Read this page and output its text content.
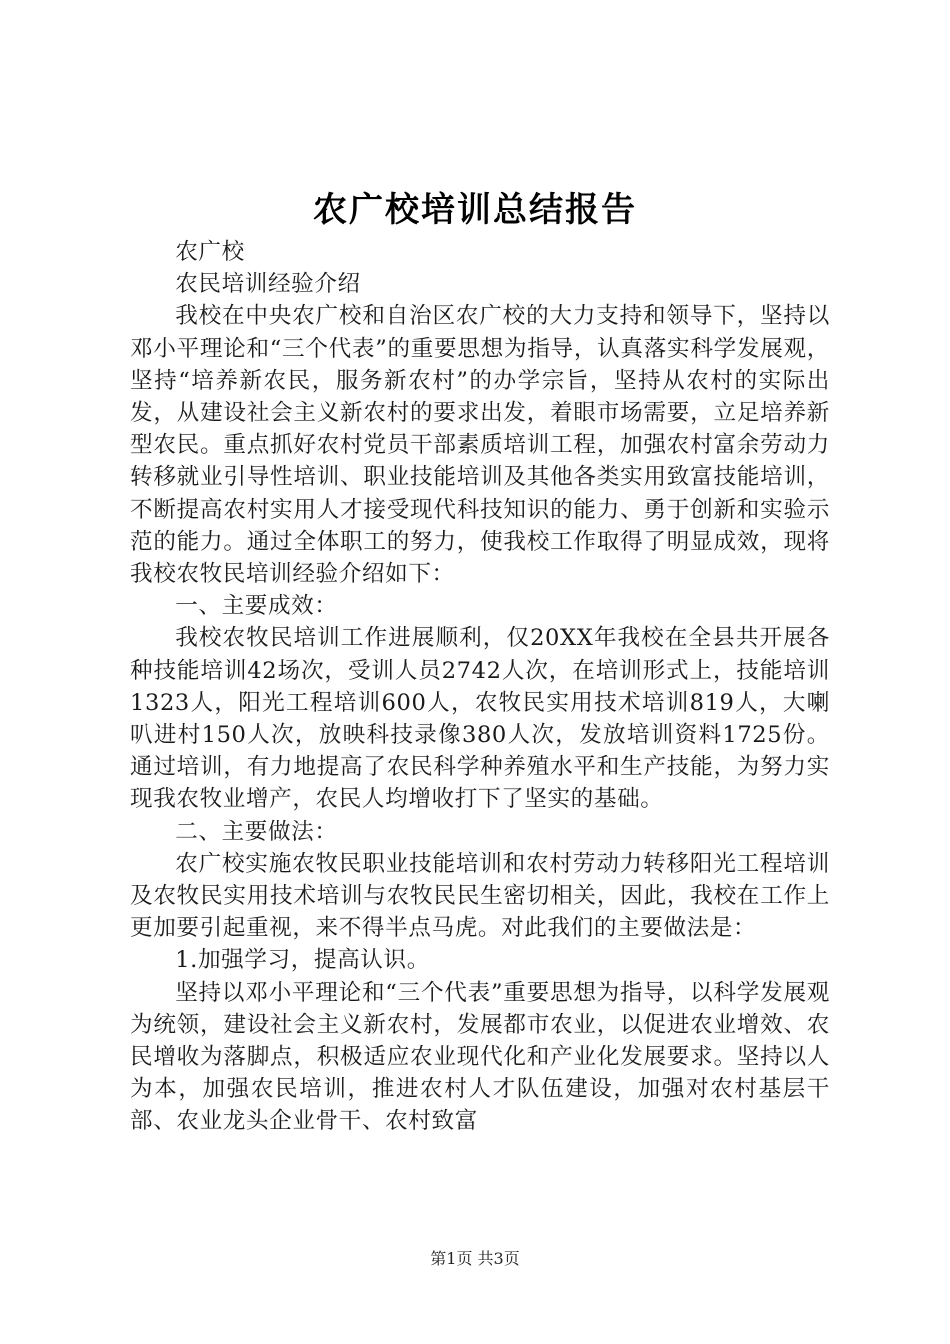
农广校培训总结报告

农广校

农民培训经验介绍

我校在中央农广校和自治区农广校的大力支持和领导下，坚持以邓小平理论和“三个代表”的重要思想为指导，认真落实科学发展观，坚持“培养新农民，服务新农村”的办学宗旨，坚持从农村的实际出发，从建设社会主义新农村的要求出发，着眼市场需要，立足培养新型农民。重点抓好农村党员干部素质培训工程，加强农村富余劳动力转移就业引导性培训、职业技能培训及其他各类实用致富技能培训，不断提高农村实用人才接受现代科技知识的能力、勇于创新和实验示范的能力。通过全体职工的努力，使我校工作取得了明显成效，现将我校农牧民培训经验介绍如下：

一、主要成效：

我校农牧民培训工作进展顺利，仅20XX年我校在全县共开展各种技能培训42场次，受训人员2742人次，在培训形式上，技能培训1323人，阳光工程培训600人，农牧民实用技术培训819人，大喇叭进村150人次，放映科技录像380人次，发放培训资料1725份。通过培训，有力地提高了农民科学种养殖水平和生产技能，为努力实现我农牧业增产，农民人均增收打下了坚实的基础。

二、主要做法：

农广校实施农牧民职业技能培训和农村劳动力转移阳光工程培训及农牧民实用技术培训与农牧民民生密切相关，因此，我校在工作上更加要引起重视，来不得半点马虎。对此我们的主要做法是：

1.加强学习，提高认识。

坚持以邓小平理论和“三个代表”重要思想为指导，以科学发展观为统领，建设社会主义新农村，发展都市农业，以促进农业增效、农民增收为落脚点，积极适应农业现代化和产业化发展要求。坚持以人为本，加强农民培训，推进农村人才队伍建设，加强对农村基层干部、农业龙头企业骨干、农村致富

第1页 共3页
